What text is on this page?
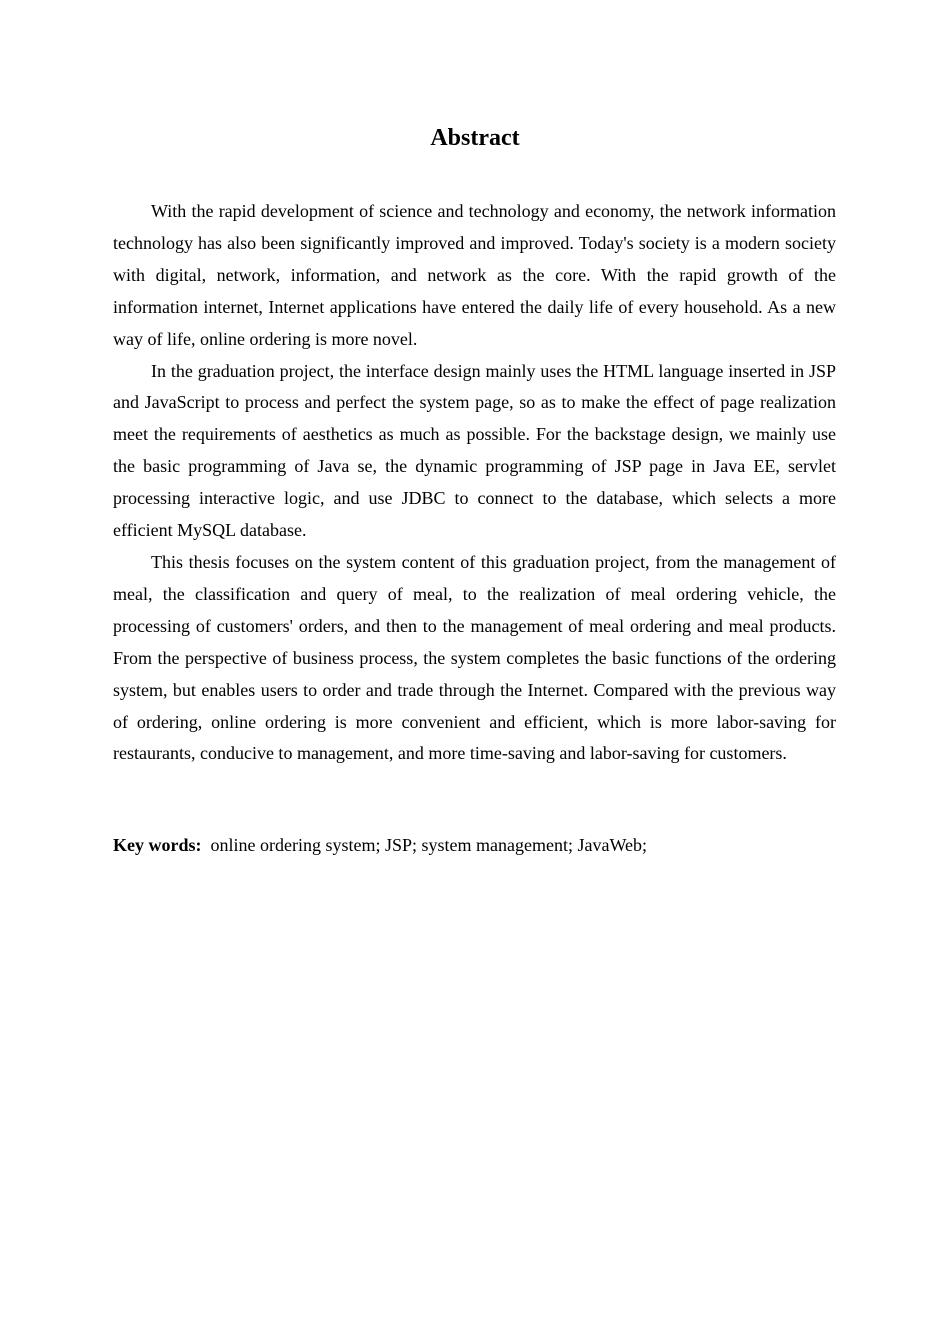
Abstract

With the rapid development of science and technology and economy, the network information technology has also been significantly improved and improved. Today's society is a modern society with digital, network, information, and network as the core. With the rapid growth of the information internet, Internet applications have entered the daily life of every household. As a new way of life, online ordering is more novel.

In the graduation project, the interface design mainly uses the HTML language inserted in JSP and JavaScript to process and perfect the system page, so as to make the effect of page realization meet the requirements of aesthetics as much as possible. For the backstage design, we mainly use the basic programming of Java se, the dynamic programming of JSP page in Java EE, servlet processing interactive logic, and use JDBC to connect to the database, which selects a more efficient MySQL database.

This thesis focuses on the system content of this graduation project, from the management of meal, the classification and query of meal, to the realization of meal ordering vehicle, the processing of customers' orders, and then to the management of meal ordering and meal products. From the perspective of business process, the system completes the basic functions of the ordering system, but enables users to order and trade through the Internet. Compared with the previous way of ordering, online ordering is more convenient and efficient, which is more labor-saving for restaurants, conducive to management, and more time-saving and labor-saving for customers.

Key words: online ordering system; JSP; system management; JavaWeb;
